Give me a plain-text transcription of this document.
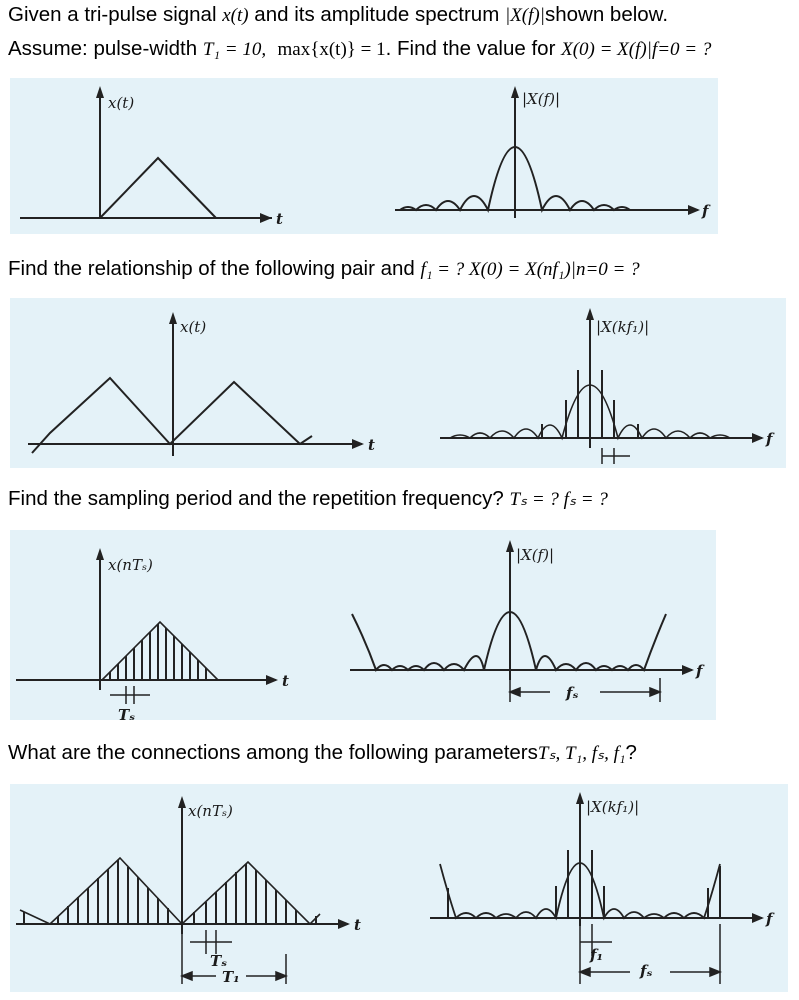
Given a tri-pulse signal x(t) and its amplitude spectrum |X(f)|shown below.
Assume: pulse-width T₁ = 10, max{x(t)} = 1. Find the value for X(0) = X(f)|f=0 = ?
x(t)
t
|X(f)|
f
Find the relationship of the following pair and f₁ = ? X(0) = X(nf₁)|n=0 = ?
x(t)
t
|X(kf₁)|
f
Find the sampling period and the repetition frequency? Tₛ = ? fₛ = ?
Tₛ
x(nTₛ)
t
fₛ
|X(f)|
f
What are the connections among the following parametersTₛ, T₁, fₛ, f₁?
Tₛ
T₁
x(nTₛ)
t
f₁
fₛ
|X(kf₁)|
f
